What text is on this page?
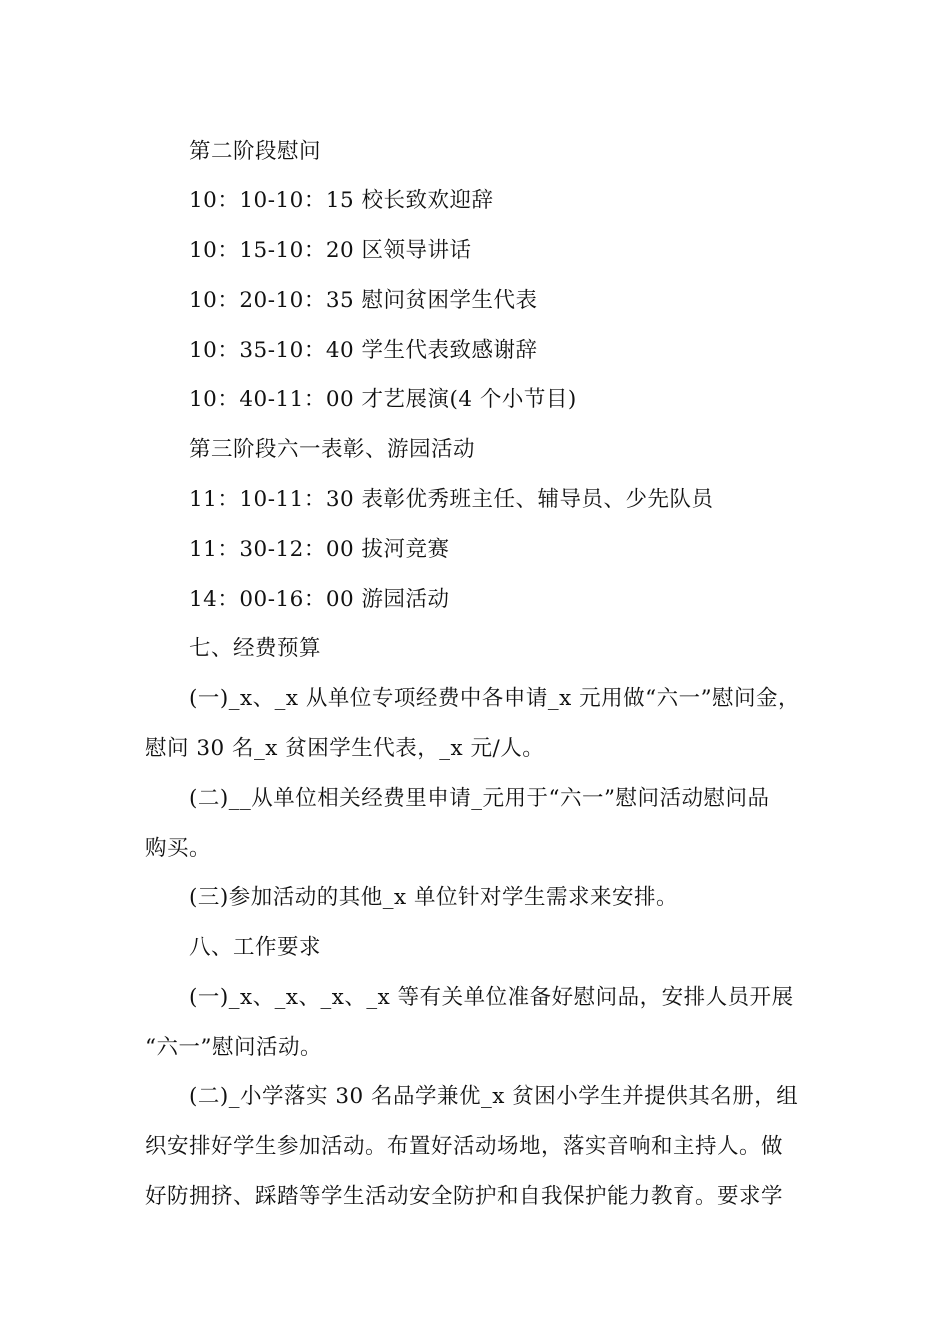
第二阶段慰问
10：10-10：15 校长致欢迎辞
10：15-10：20 区领导讲话
10：20-10：35 慰问贫困学生代表
10：35-10：40 学生代表致感谢辞
10：40-11：00 才艺展演(4 个小节目)
第三阶段六一表彰、游园活动
11：10-11：30 表彰优秀班主任、辅导员、少先队员
11：30-12：00 拔河竞赛
14：00-16：00 游园活动
七、经费预算
(一)_x、_x 从单位专项经费中各申请_x 元用做“六一”慰问金，
慰问 30 名_x 贫困学生代表，_x 元/人。
(二)__从单位相关经费里申请_元用于“六一”慰问活动慰问品
购买。
(三)参加活动的其他_x 单位针对学生需求来安排。
八、工作要求
(一)_x、_x、_x、_x 等有关单位准备好慰问品，安排人员开展
“六一”慰问活动。
(二)_小学落实 30 名品学兼优_x 贫困小学生并提供其名册，组
织安排好学生参加活动。布置好活动场地，落实音响和主持人。做
好防拥挤、踩踏等学生活动安全防护和自我保护能力教育。要求学
